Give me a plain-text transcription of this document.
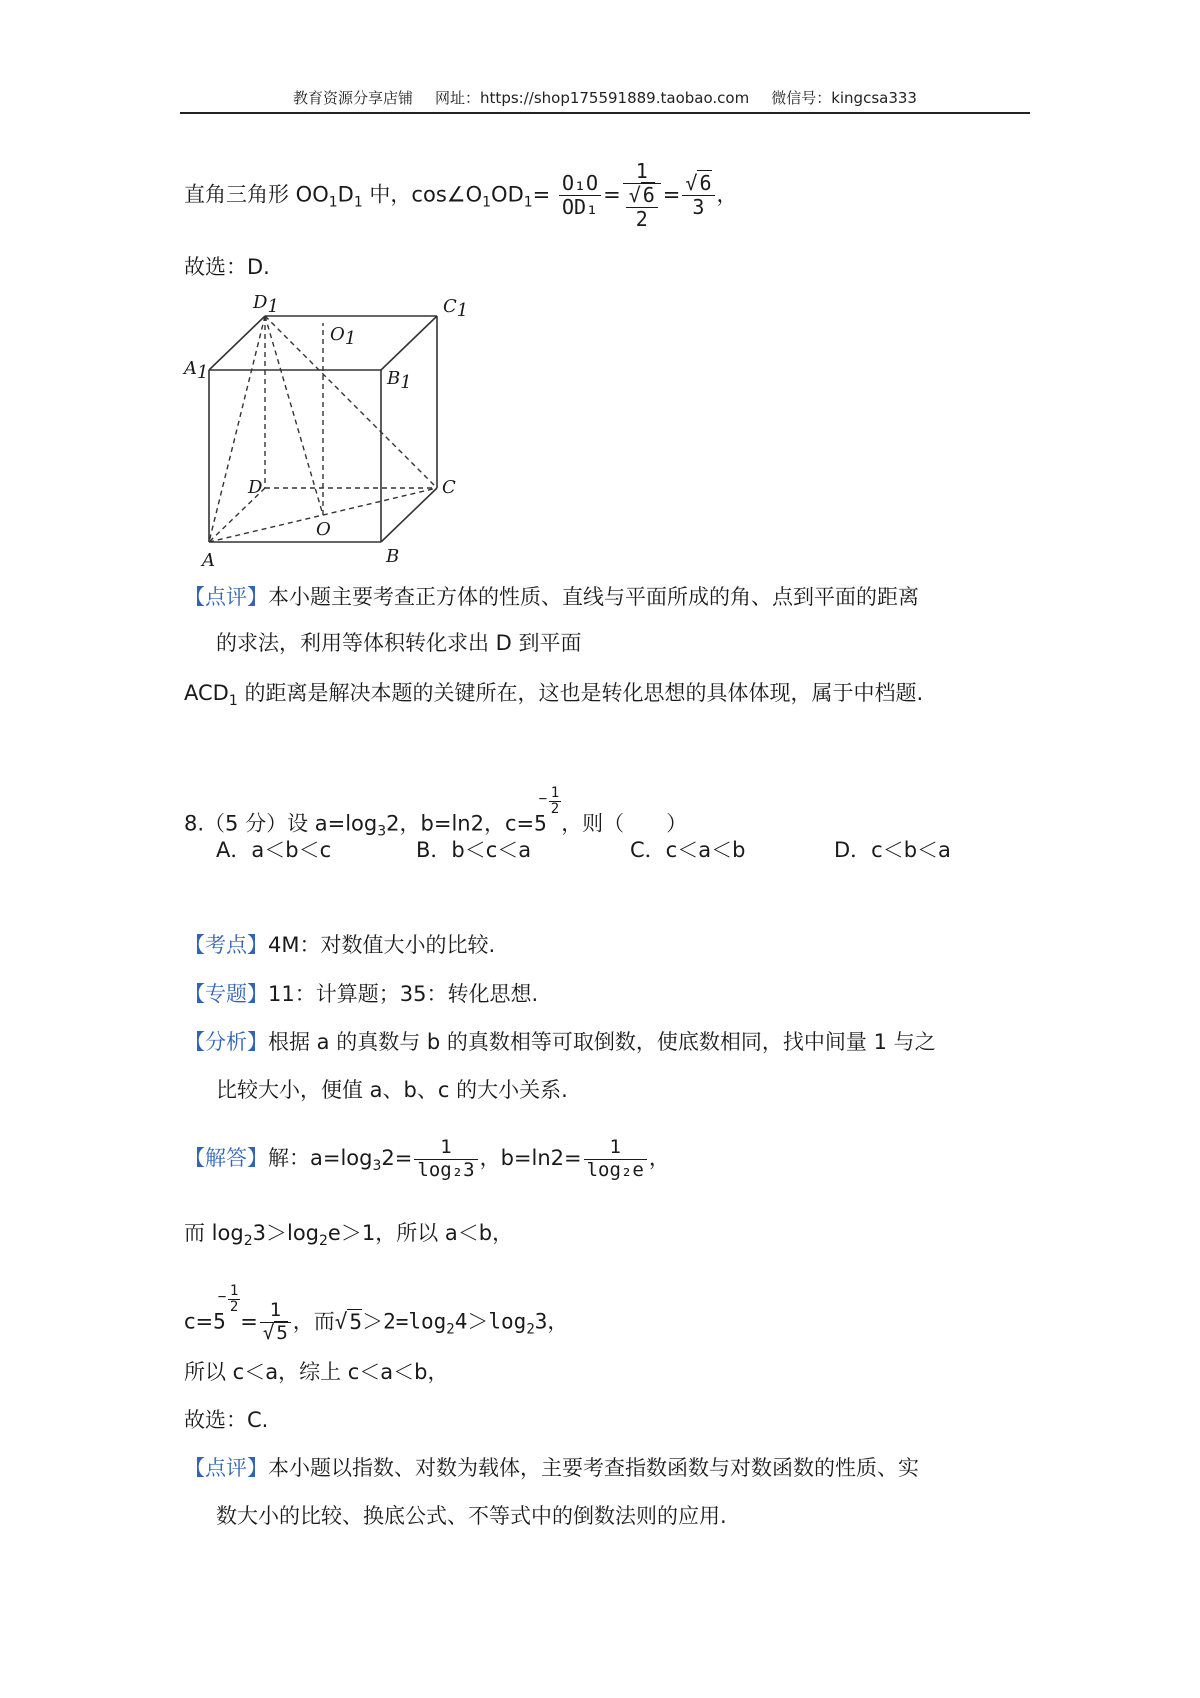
教育资源分享店铺 网址：https://shop175591889.taobao.com 微信号：kingcsa333
直角三角形 $OO_1D_1$ 中，$\cos\angle O_1OD_1= \frac{\text{O₁O}}{\text{OD₁}} = \frac{1}{\frac{√ 6}{2}} = \frac{√ 6}{3}$ ，
故选：D.
D1	C1
O1
A1	B1
D	C
O
A	B
【点评】本小题主要考查正方体的性质、直线与平面所成的角、点到平面的距离
的求法，利用等体积转化求出 D 到平面
$ACD_1$ 的距离是解决本题的关键所在，这也是转化思想的具体体现，属于中档题.
8.（5 分）设 $a=\log_32$，b=ln2，c=5
− 1
2
，则（　　）
A．a＜b＜c	B．b＜c＜a	C．c＜a＜b	D．c＜b＜a
【考点】4M：对数值大小的比较.
【专题】11：计算题；35：转化思想.
【分析】根据 a 的真数与 b 的真数相等可取倒数，使底数相同，找中间量 1 与之
比较大小，便值 a、b、c 的大小关系.
【解答】解：$a=\log_32= \frac{1}{\text{log₂3}}$ ，$b=\ln 2= \frac{1}{\text{log₂e}}$ ，
而 $\log_23>\log_2e>1$，所以 a＜b，
c=5
− 1
2
= $\frac{1}{√ 5}$ ，而$√5>2=\log_24>\log_23$，
所以 c＜a，综上 c＜a＜b，
故选：C.
【点评】本小题以指数、对数为载体，主要考查指数函数与对数函数的性质、实
数大小的比较、换底公式、不等式中的倒数法则的应用.
